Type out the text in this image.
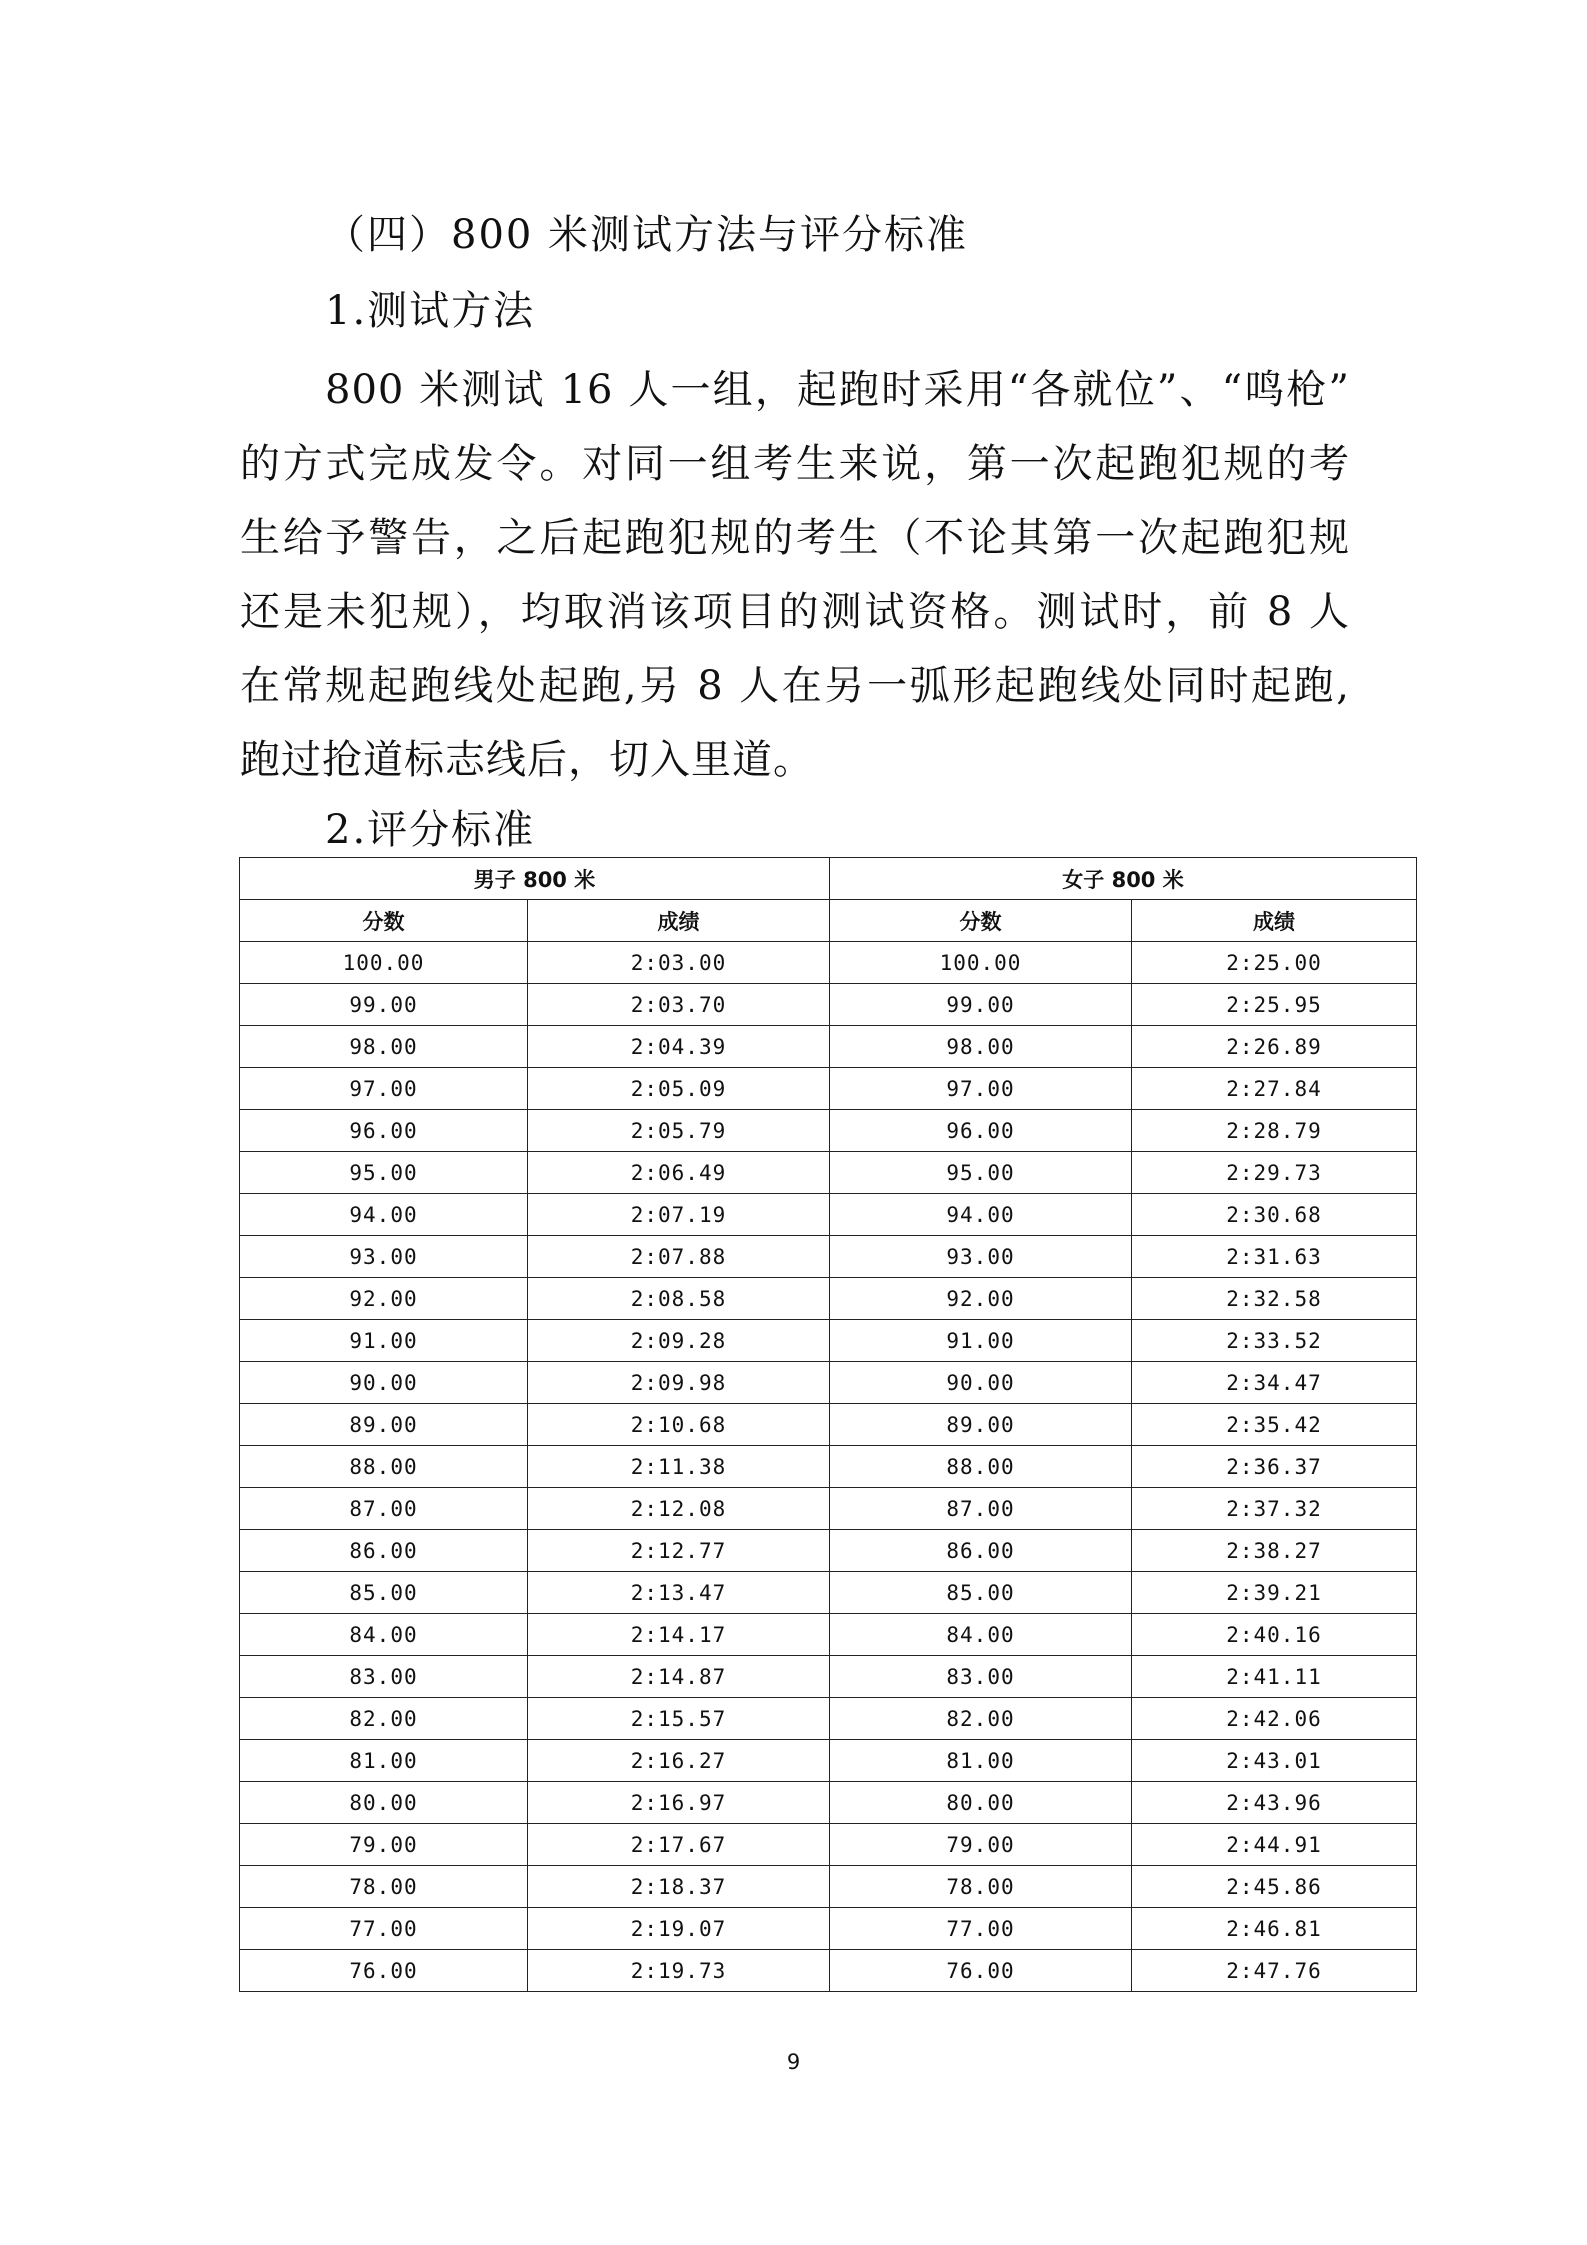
（四）800 米测试方法与评分标准
1.测试方法
800 米测试 16 人一组，起跑时采用“各就位”、“鸣枪”
的方式完成发令。对同一组考生来说，第一次起跑犯规的考
生给予警告，之后起跑犯规的考生（不论其第一次起跑犯规
还是未犯规），均取消该项目的测试资格。测试时，前 8 人
在常规起跑线处起跑,另 8 人在另一弧形起跑线处同时起跑,
跑过抢道标志线后，切入里道。
2.评分标准
男子 800 米		女子 800 米	
分数	成绩	分数	成绩
100.00	2:03.00	100.00	2:25.00
99.00	2:03.70	99.00	2:25.95
98.00	2:04.39	98.00	2:26.89
97.00	2:05.09	97.00	2:27.84
96.00	2:05.79	96.00	2:28.79
95.00	2:06.49	95.00	2:29.73
94.00	2:07.19	94.00	2:30.68
93.00	2:07.88	93.00	2:31.63
92.00	2:08.58	92.00	2:32.58
91.00	2:09.28	91.00	2:33.52
90.00	2:09.98	90.00	2:34.47
89.00	2:10.68	89.00	2:35.42
88.00	2:11.38	88.00	2:36.37
87.00	2:12.08	87.00	2:37.32
86.00	2:12.77	86.00	2:38.27
85.00	2:13.47	85.00	2:39.21
84.00	2:14.17	84.00	2:40.16
83.00	2:14.87	83.00	2:41.11
82.00	2:15.57	82.00	2:42.06
81.00	2:16.27	81.00	2:43.01
80.00	2:16.97	80.00	2:43.96
79.00	2:17.67	79.00	2:44.91
78.00	2:18.37	78.00	2:45.86
77.00	2:19.07	77.00	2:46.81
76.00	2:19.73	76.00	2:47.76
9
